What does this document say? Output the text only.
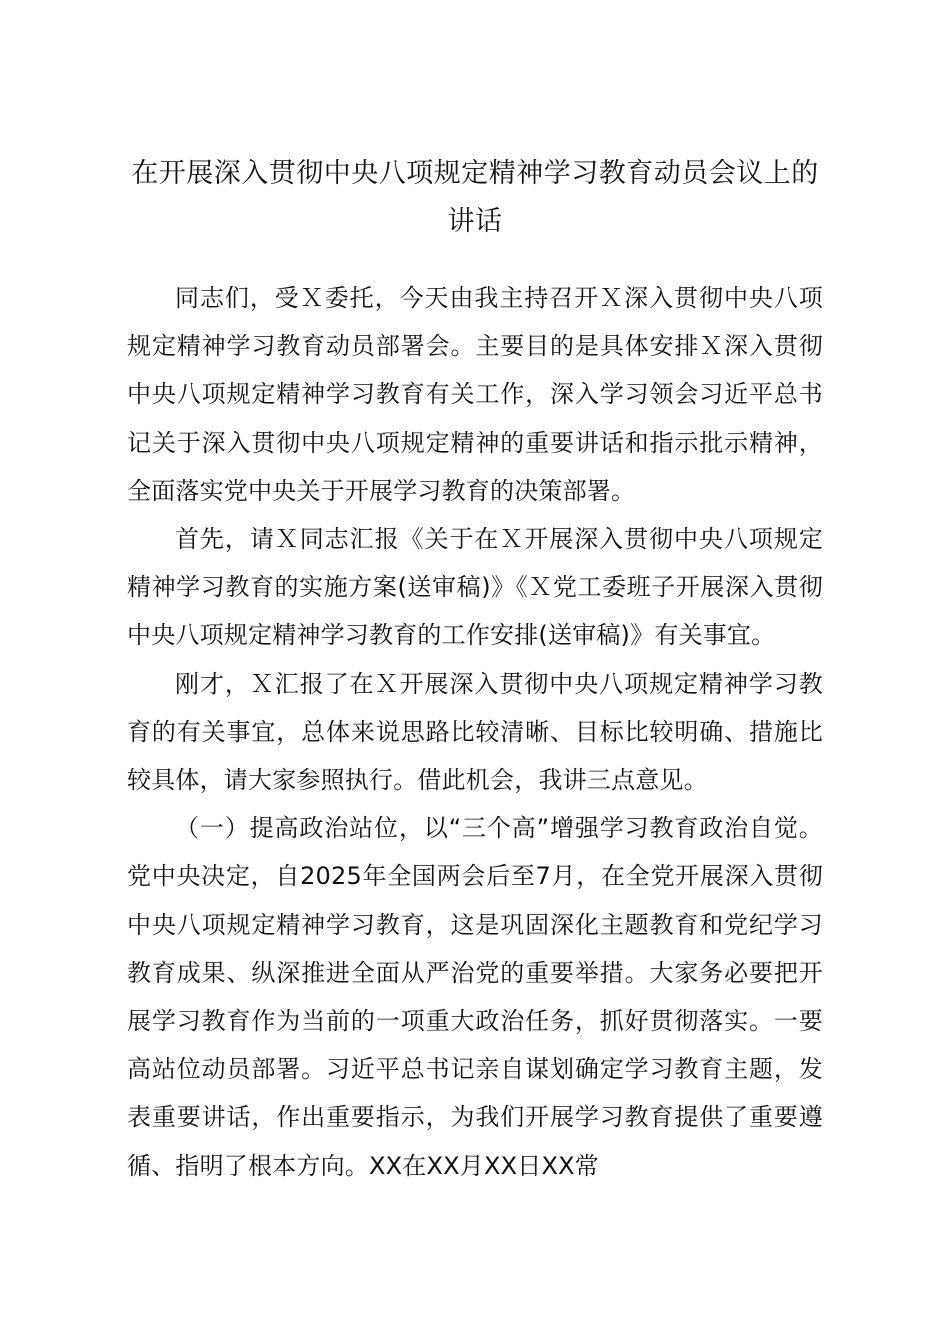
在开展深入贯彻中央八项规定精神学习教育动员会议上的讲话

同志们，受Ｘ委托，今天由我主持召开Ｘ深入贯彻中央八项规定精神学习教育动员部署会。主要目的是具体安排Ｘ深入贯彻中央八项规定精神学习教育有关工作，深入学习领会习近平总书记关于深入贯彻中央八项规定精神的重要讲话和指示批示精神，全面落实党中央关于开展学习教育的决策部署。

首先，请Ｘ同志汇报《关于在Ｘ开展深入贯彻中央八项规定精神学习教育的实施方案(送审稿)》《Ｘ党工委班子开展深入贯彻中央八项规定精神学习教育的工作安排(送审稿)》有关事宜。

刚才，Ｘ汇报了在Ｘ开展深入贯彻中央八项规定精神学习教育的有关事宜，总体来说思路比较清晰、目标比较明确、措施比较具体，请大家参照执行。借此机会，我讲三点意见。

（一）提高政治站位，以“三个高”增强学习教育政治自觉。党中央决定，自2025年全国两会后至7月，在全党开展深入贯彻中央八项规定精神学习教育，这是巩固深化主题教育和党纪学习教育成果、纵深推进全面从严治党的重要举措。大家务必要把开展学习教育作为当前的一项重大政治任务，抓好贯彻落实。一要高站位动员部署。习近平总书记亲自谋划确定学习教育主题，发表重要讲话，作出重要指示，为我们开展学习教育提供了重要遵循、指明了根本方向。XX在XX月XX日XX常
